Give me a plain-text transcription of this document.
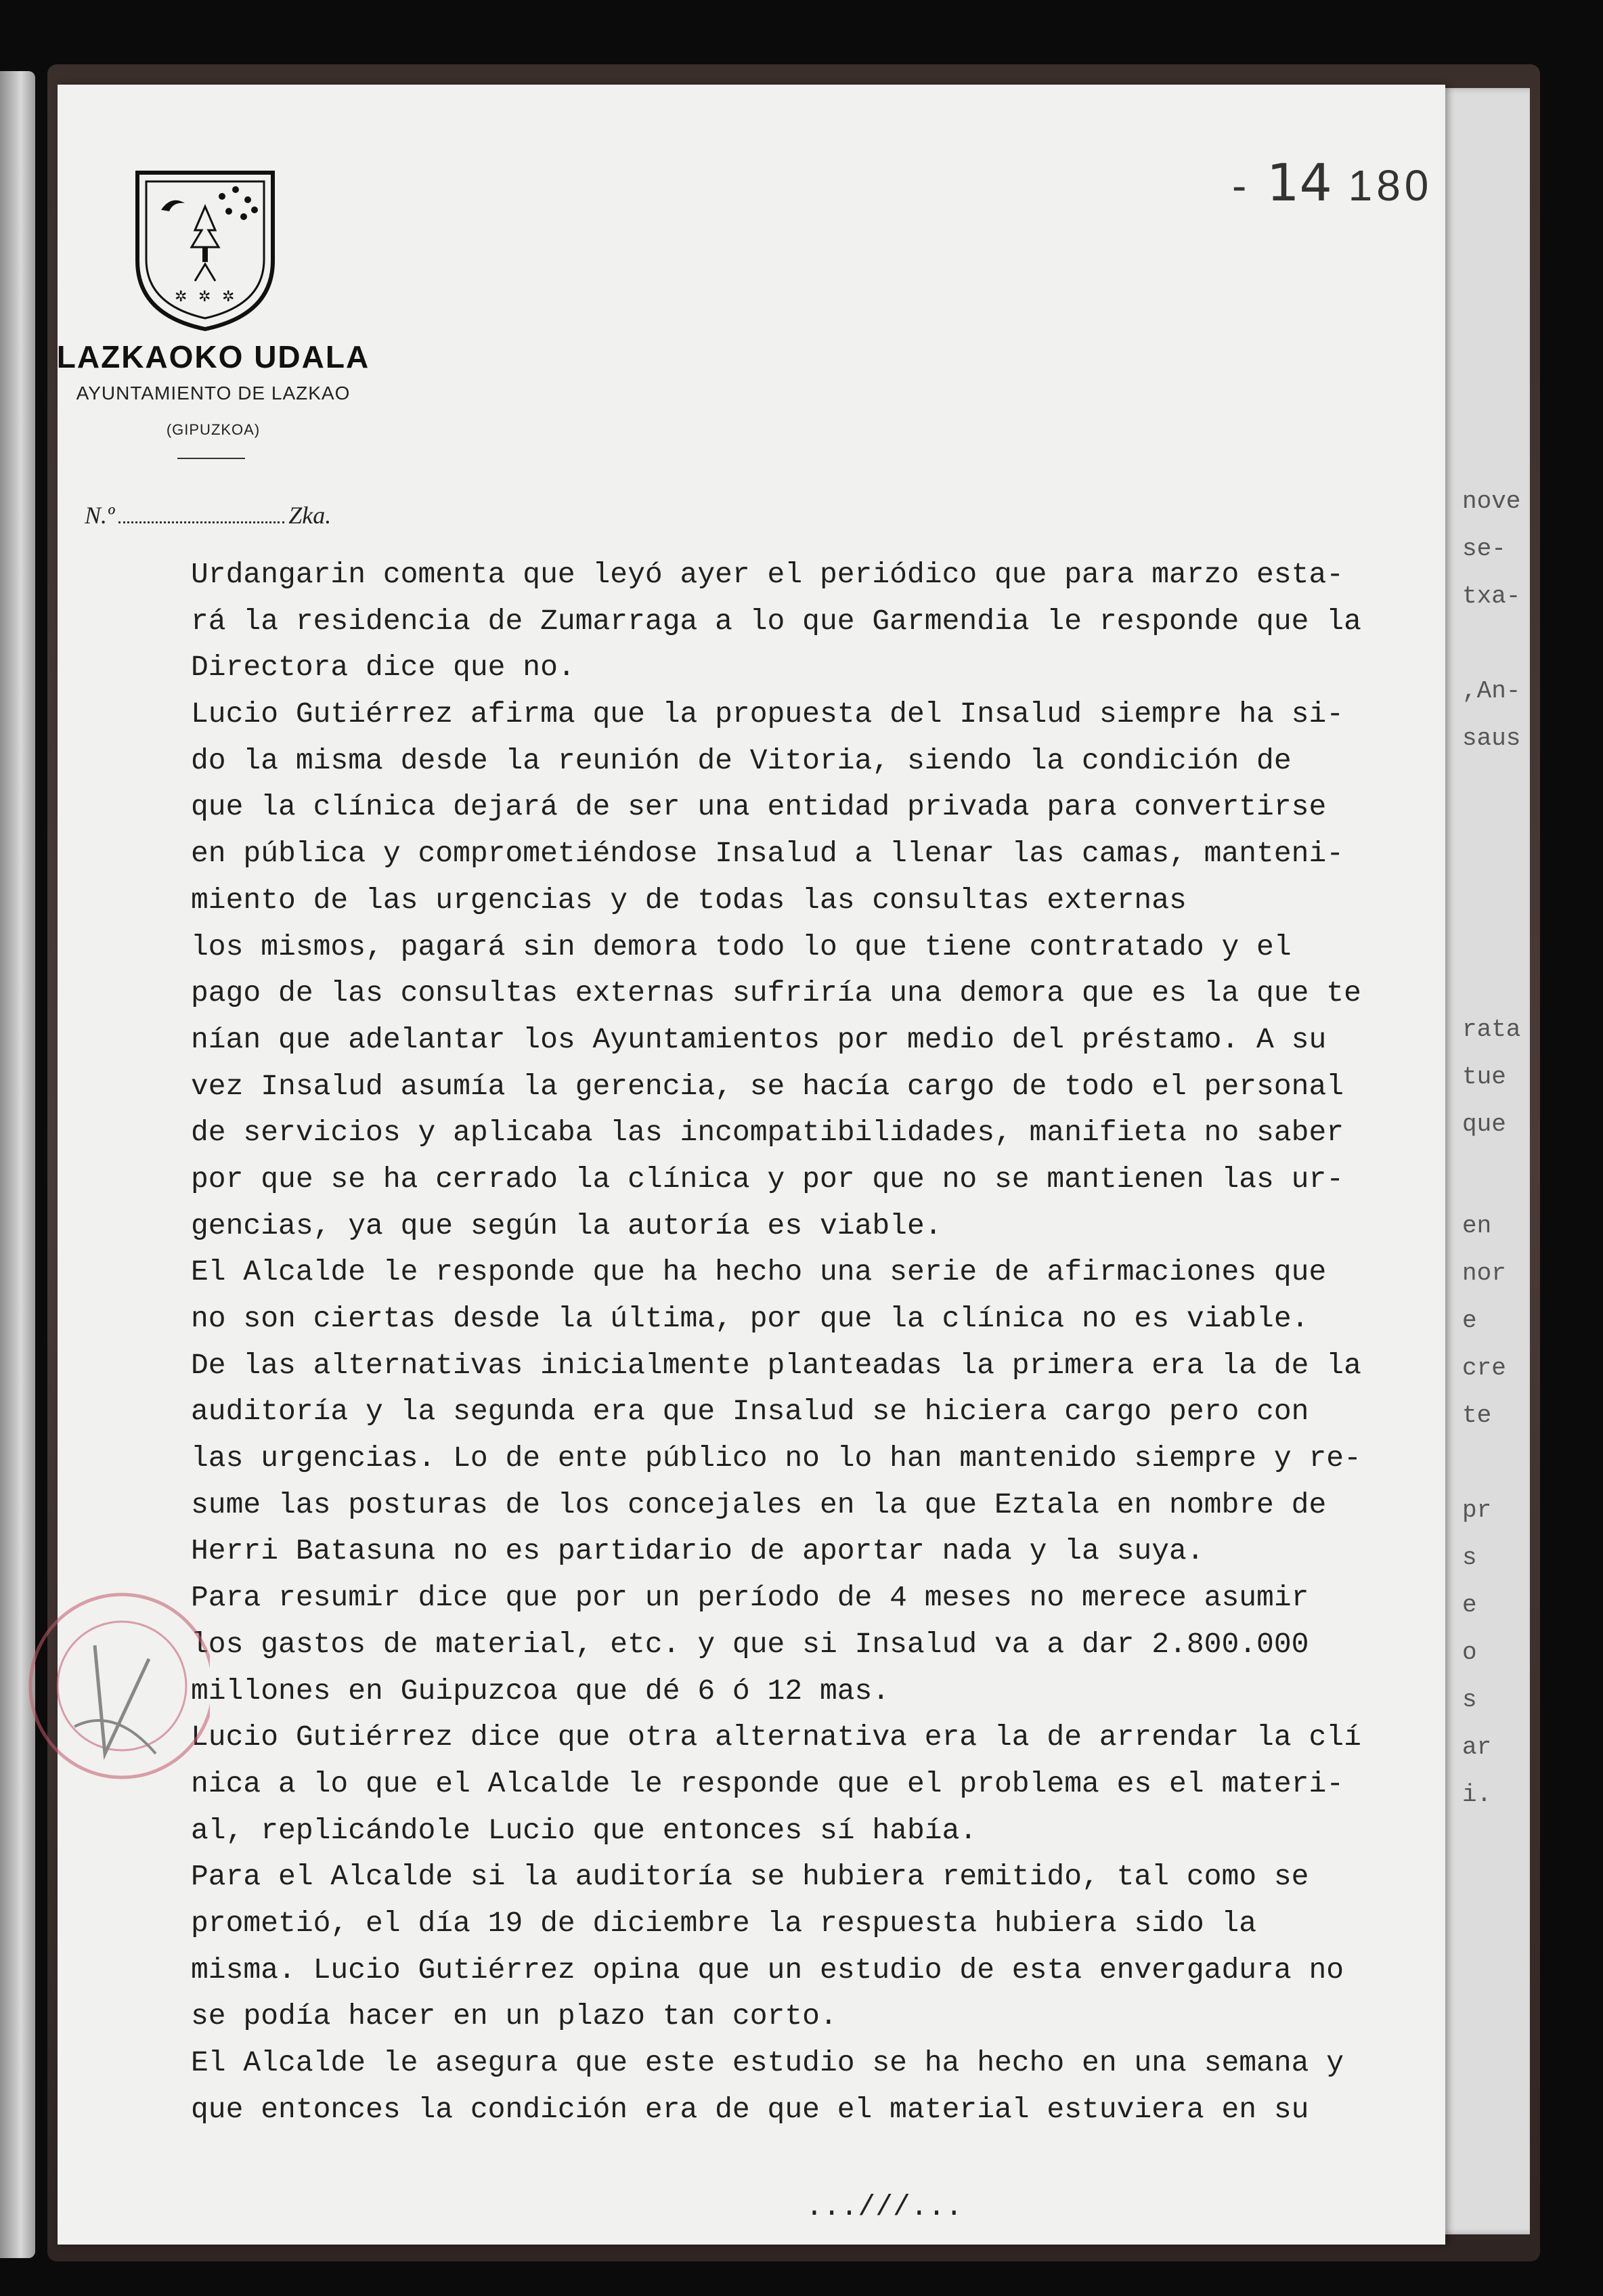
nove
se-
txa-
,An-
saus
rata
tue
que
en
nor
e
cre
te
pr
s
e
o
s
ar
i.
✲ ✲ ✲
LAZKAOKO UDALA
AYUNTAMIENTO DE LAZKAO
(GIPUZKOA)
N.º	Zka.
- 14 180
Urdangarin comenta que leyó ayer el periódico que para marzo esta-
rá la residencia de Zumarraga a lo que Garmendia le responde que la
Directora dice que no.
Lucio Gutiérrez afirma que la propuesta del Insalud siempre ha si-
do la misma desde la reunión de Vitoria, siendo la condición de
que la clínica dejará de ser una entidad privada para convertirse
en pública y comprometiéndose Insalud a llenar las camas, manteni-
miento de las urgencias y de todas las consultas externas
los mismos, pagará sin demora todo lo que tiene contratado y el
pago de las consultas externas sufriría una demora que es la que te
nían que adelantar los Ayuntamientos por medio del préstamo. A su
vez Insalud asumía la gerencia, se hacía cargo de todo el personal
de servicios y aplicaba las incompatibilidades, manifieta no saber
por que se ha cerrado la clínica y por que no se mantienen las ur-
gencias, ya que según la autoría es viable.
El Alcalde le responde que ha hecho una serie de afirmaciones que
no son ciertas desde la última, por que la clínica no es viable.
De las alternativas inicialmente planteadas la primera era la de la
auditoría y la segunda era que Insalud se hiciera cargo pero con
las urgencias. Lo de ente público no lo han mantenido siempre y re-
sume las posturas de los concejales en la que Eztala en nombre de
Herri Batasuna no es partidario de aportar nada y la suya.
Para resumir dice que por un período de 4 meses no merece asumir
los gastos de material, etc. y que si Insalud va a dar 2.800.000
millones en Guipuzcoa que dé 6 ó 12 mas.
Lucio Gutiérrez dice que otra alternativa era la de arrendar la clí
nica a lo que el Alcalde le responde que el problema es el materi-
al, replicándole Lucio que entonces sí había.
Para el Alcalde si la auditoría se hubiera remitido, tal como se
prometió, el día 19 de diciembre la respuesta hubiera sido la
misma. Lucio Gutiérrez opina que un estudio de esta envergadura no
se podía hacer en un plazo tan corto.
El Alcalde le asegura que este estudio se ha hecho en una semana y
que entonces la condición era de que el material estuviera en su
...///...
